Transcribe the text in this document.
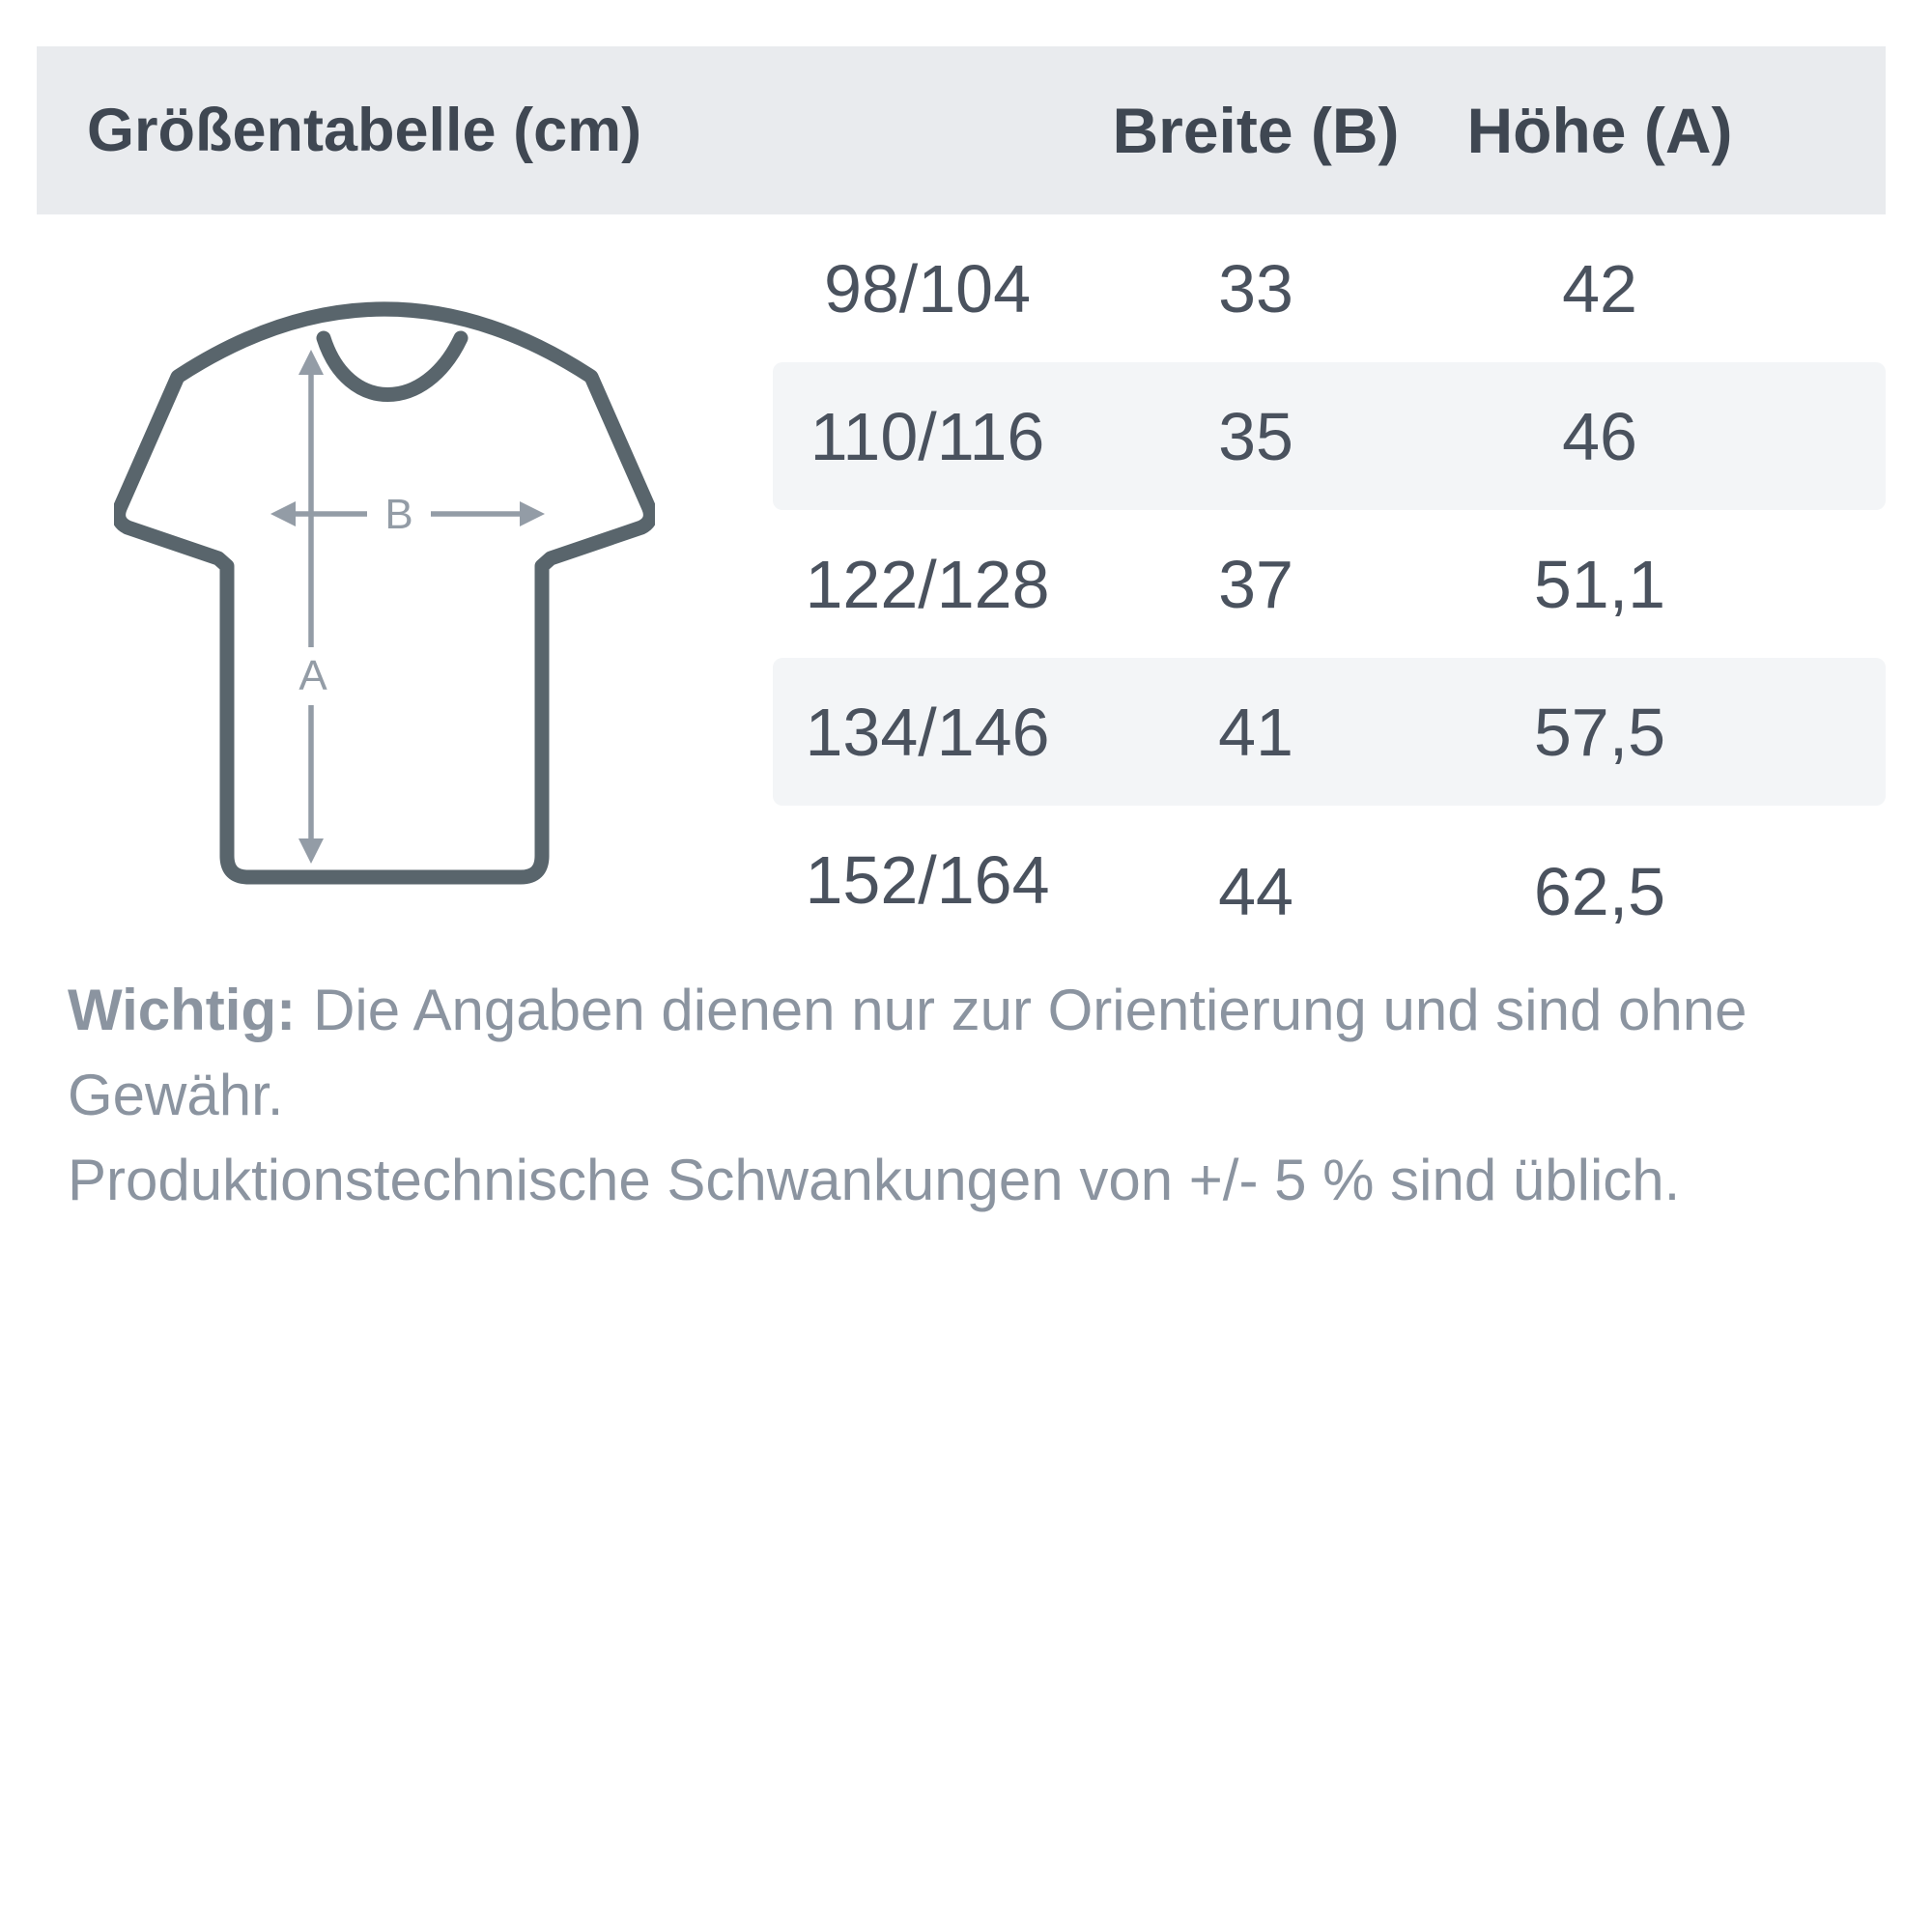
Größentabelle (cm)	Breite (B)	Höhe (A)
A
B
98/104	33	42
110/116	35	46
122/128	37	51,1
134/146	41	57,5
152/164	44	62,5
Wichtig: Die Angaben dienen nur zur Orientierung und sind ohne Gewähr.
Produktionstechnische Schwankungen von +/- 5 % sind üblich.
